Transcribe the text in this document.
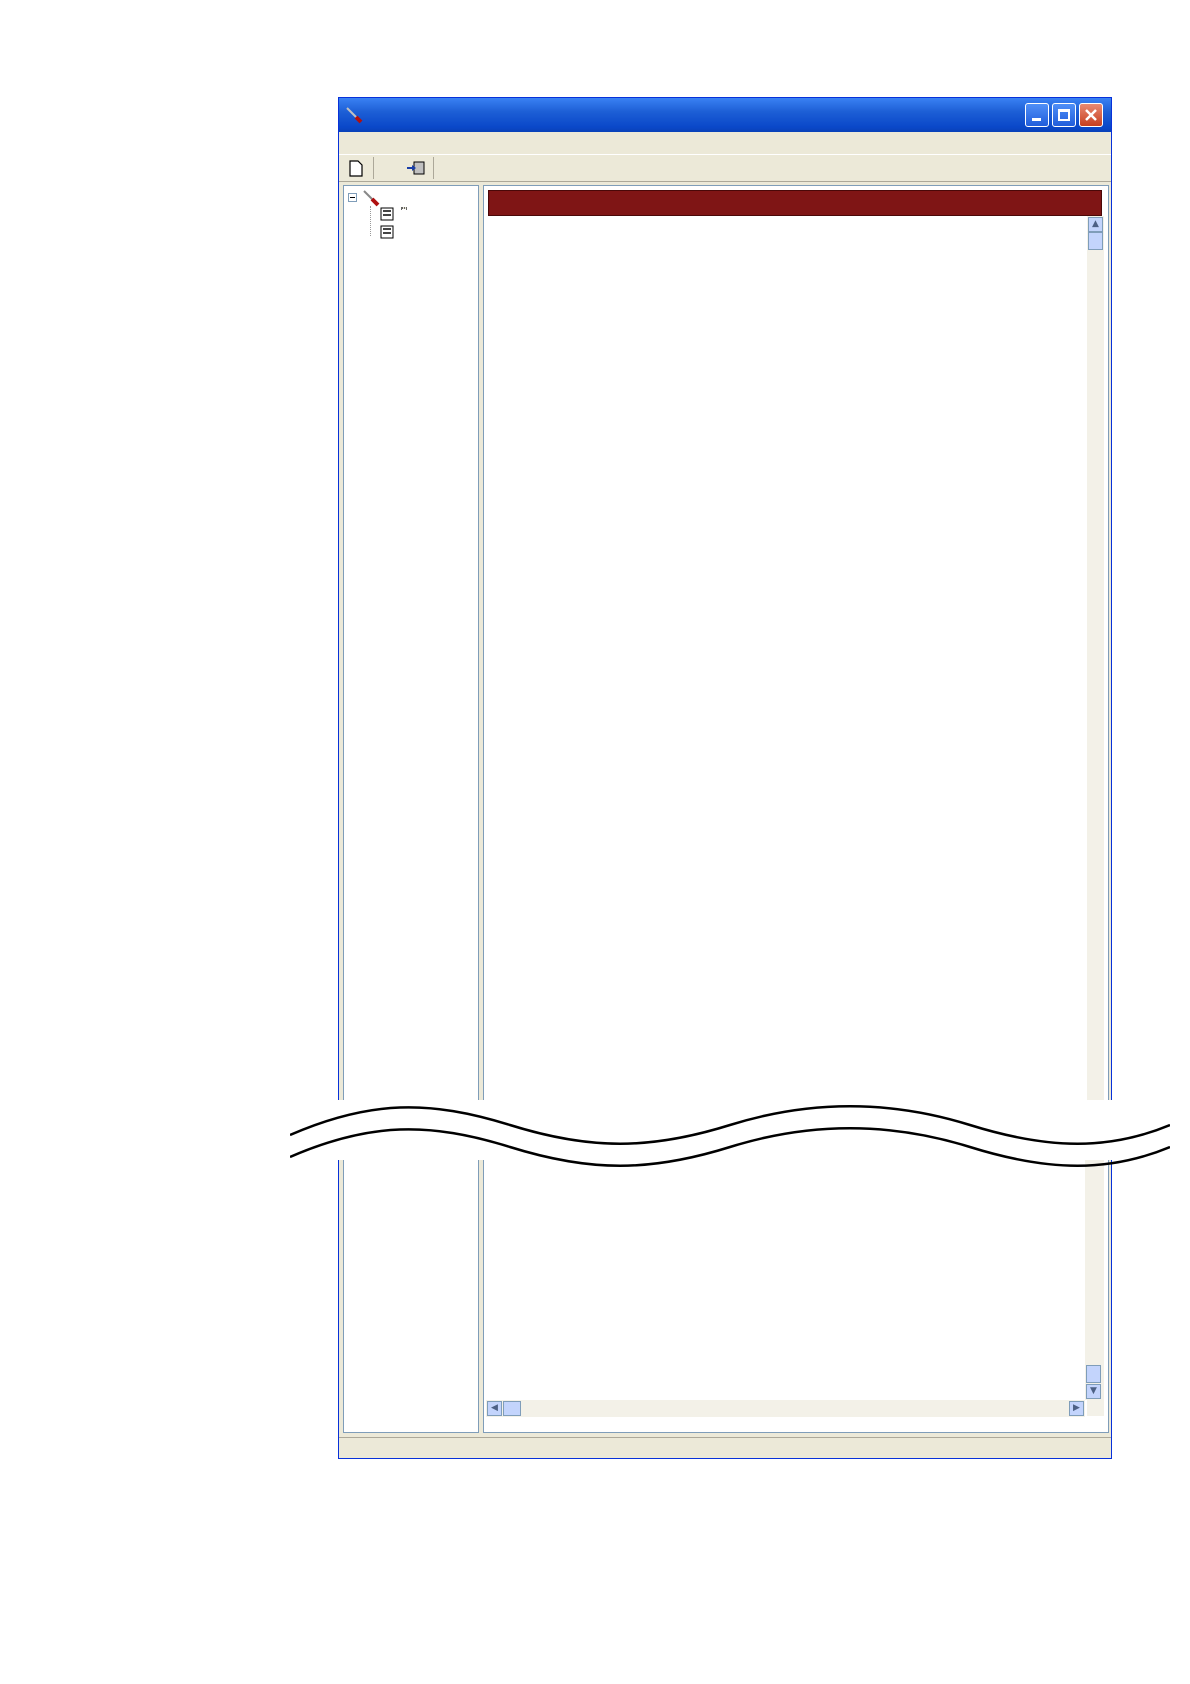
▲
▼
◀	▶
